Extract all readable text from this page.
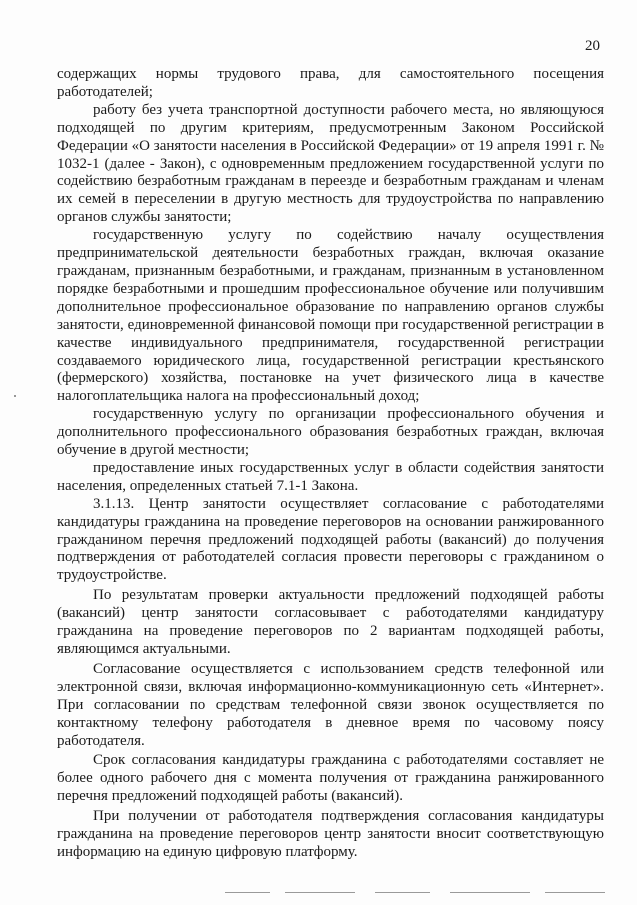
20

содержащих нормы трудового права, для самостоятельного посещения работодателей;

работу без учета транспортной доступности рабочего места, но являющуюся подходящей по другим критериям, предусмотренным Законом Российской Федерации «О занятости населения в Российской Федерации» от 19 апреля 1991 г. № 1032-1 (далее - Закон), с одновременным предложением государственной услуги по содействию безработным гражданам в переезде и безработным гражданам и членам их семей в переселении в другую местность для трудоустройства по направлению органов службы занятости;

государственную услугу по содействию началу осуществления предпринимательской деятельности безработных граждан, включая оказание гражданам, признанным безработными, и гражданам, признанным в установленном порядке безработными и прошедшим профессиональное обучение или получившим дополнительное профессиональное образование по направлению органов службы занятости, единовременной финансовой помощи при государственной регистрации в качестве индивидуального предпринимателя, государственной регистрации создаваемого юридического лица, государственной регистрации крестьянского (фермерского) хозяйства, постановке на учет физического лица в качестве налогоплательщика налога на профессиональный доход;

государственную услугу по организации профессионального обучения и дополнительного профессионального образования безработных граждан, включая обучение в другой местности;

предоставление иных государственных услуг в области содействия занятости населения, определенных статьей 7.1-1 Закона.

3.1.13. Центр занятости осуществляет согласование с работодателями кандидатуры гражданина на проведение переговоров на основании ранжированного гражданином перечня предложений подходящей работы (вакансий) до получения подтверждения от работодателей согласия провести переговоры с гражданином о трудоустройстве.

По результатам проверки актуальности предложений подходящей работы (вакансий) центр занятости согласовывает с работодателями кандидатуру гражданина на проведение переговоров по 2 вариантам подходящей работы, являющимся актуальными.

Согласование осуществляется с использованием средств телефонной или электронной связи, включая информационно-коммуникационную сеть «Интернет». При согласовании по средствам телефонной связи звонок осуществляется по контактному телефону работодателя в дневное время по часовому поясу работодателя.

Срок согласования кандидатуры гражданина с работодателями составляет не более одного рабочего дня с момента получения от гражданина ранжированного перечня предложений подходящей работы (вакансий).

При получении от работодателя подтверждения согласования кандидатуры гражданина на проведение переговоров центр занятости вносит соответствующую информацию на единую цифровую платформу.
